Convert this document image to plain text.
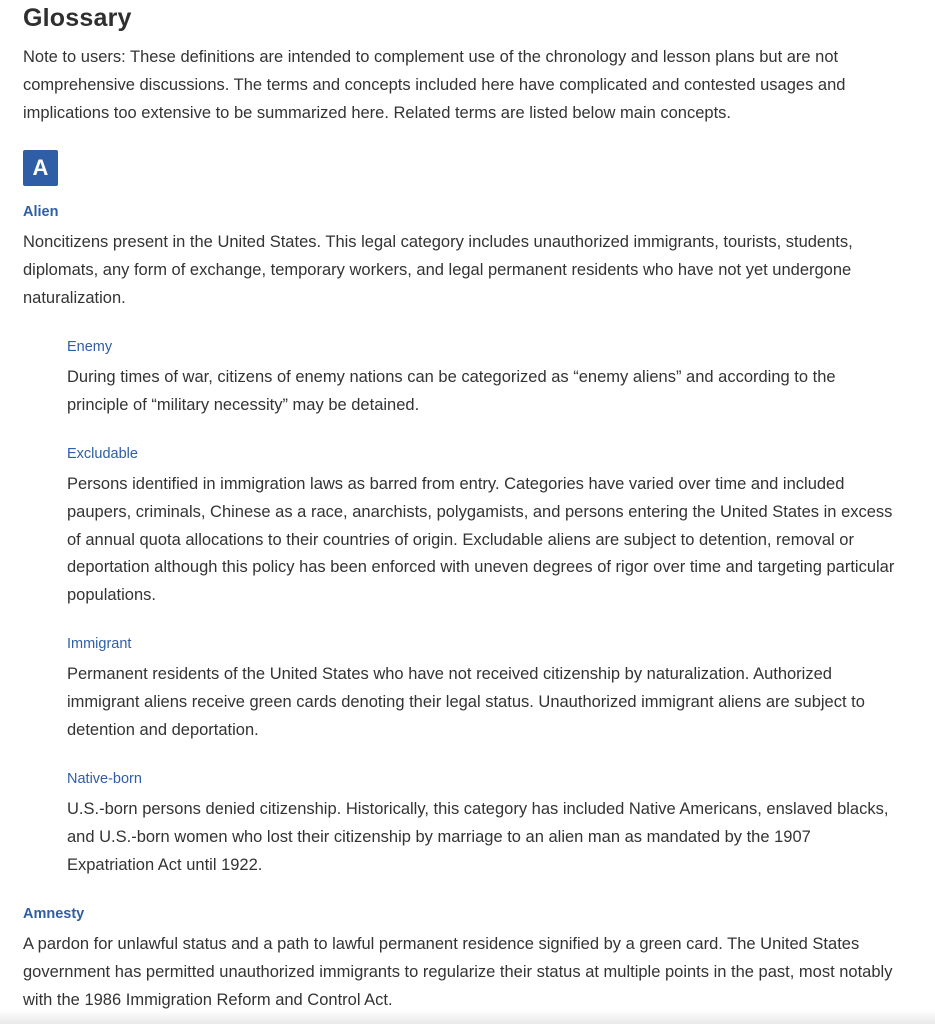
Glossary

Note to users: These definitions are intended to complement use of the chronology and lesson plans but are not comprehensive discussions. The terms and concepts included here have complicated and contested usages and implications too extensive to be summarized here. Related terms are listed below main concepts.

A
Alien

Noncitizens present in the United States. This legal category includes unauthorized immigrants, tourists, students, diplomats, any form of exchange, temporary workers, and legal permanent residents who have not yet undergone naturalization.

Enemy

During times of war, citizens of enemy nations can be categorized as “enemy aliens” and according to the principle of “military necessity” may be detained.

Excludable

Persons identified in immigration laws as barred from entry. Categories have varied over time and included paupers, criminals, Chinese as a race, anarchists, polygamists, and persons entering the United States in excess of annual quota allocations to their countries of origin. Excludable aliens are subject to detention, removal or deportation although this policy has been enforced with uneven degrees of rigor over time and targeting particular populations.

Immigrant

Permanent residents of the United States who have not received citizenship by naturalization. Authorized immigrant aliens receive green cards denoting their legal status. Unauthorized immigrant aliens are subject to detention and deportation.

Native-born

U.S.-born persons denied citizenship. Historically, this category has included Native Americans, enslaved blacks, and U.S.-born women who lost their citizenship by marriage to an alien man as mandated by the 1907 Expatriation Act until 1922.

Amnesty

A pardon for unlawful status and a path to lawful permanent residence signified by a green card. The United States government has permitted unauthorized immigrants to regularize their status at multiple points in the past, most notably with the 1986 Immigration Reform and Control Act.
